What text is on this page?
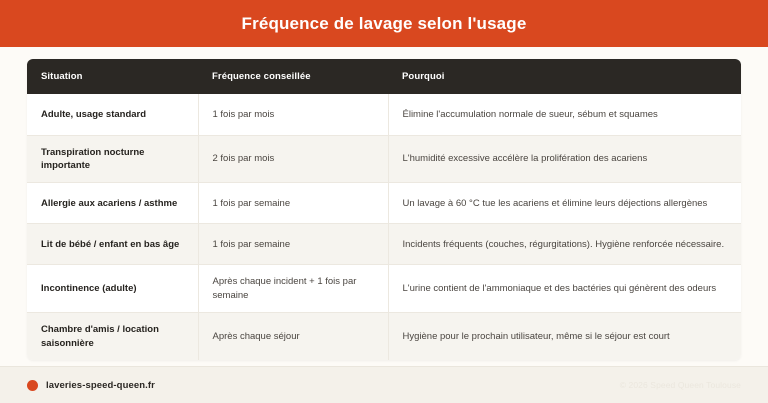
Fréquence de lavage selon l'usage
Situation	Fréquence conseillée	Pourquoi
Adulte, usage standard	1 fois par mois	Élimine l'accumulation normale de sueur, sébum et squames
Transpiration nocturne importante	2 fois par mois	L'humidité excessive accélère la prolifération des acariens
Allergie aux acariens / asthme	1 fois par semaine	Un lavage à 60 °C tue les acariens et élimine leurs déjections allergènes
Lit de bébé / enfant en bas âge	1 fois par semaine	Incidents fréquents (couches, régurgitations). Hygiène renforcée nécessaire.
Incontinence (adulte)	Après chaque incident + 1 fois par semaine	L'urine contient de l'ammoniaque et des bactéries qui génèrent des odeurs
Chambre d'amis / location saisonnière	Après chaque séjour	Hygiène pour le prochain utilisateur, même si le séjour est court
laveries-speed-queen.fr	© 2026 Speed Queen Toulouse
